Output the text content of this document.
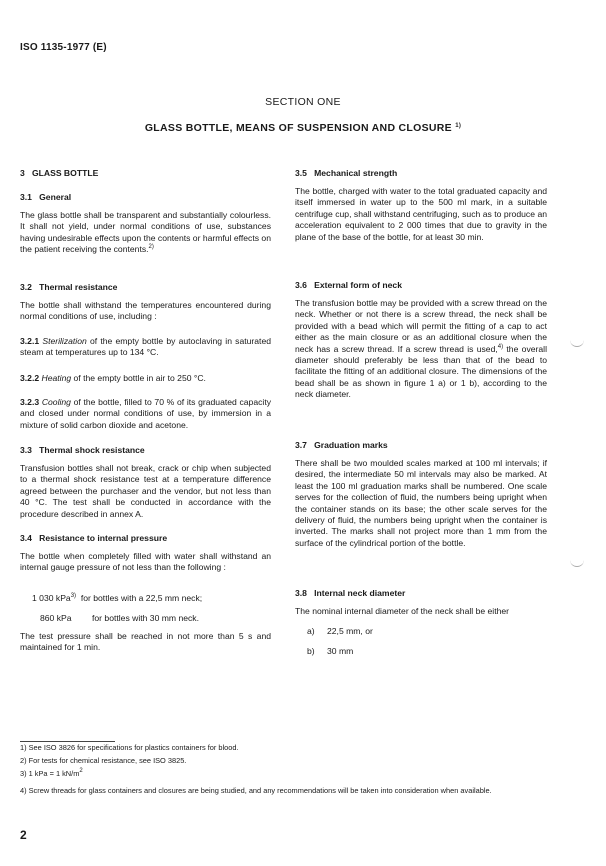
ISO 1135-1977 (E)
SECTION ONE
GLASS BOTTLE, MEANS OF SUSPENSION AND CLOSURE $^{1)}$
3   GLASS BOTTLE
3.1   General

The glass bottle shall be transparent and substantially colourless. It shall not yield, under normal conditions of use, substances having undesirable effects upon the contents or harmful effects on the patient receiving the contents.$^{2)}$

3.2   Thermal resistance

The bottle shall withstand the temperatures encountered during normal conditions of use, including :

3.2.1 Sterilization of the empty bottle by autoclaving in saturated steam at temperatures up to 134 °C.

3.2.2 Heating of the empty bottle in air to 250 °C.

3.2.3 Cooling of the bottle, filled to 70 % of its graduated capacity and closed under normal conditions of use, by immersion in a mixture of solid carbon dioxide and acetone.

3.3   Thermal shock resistance

Transfusion bottles shall not break, crack or chip when subjected to a thermal shock resistance test at a temperature difference agreed between the purchaser and the vendor, but not less than 40 °C. The test shall be conducted in accordance with the procedure described in annex A.

3.4   Resistance to internal pressure

The bottle when completely filled with water shall withstand an internal gauge pressure of not less than the following :

1 030 kPa$^{3)}$ for bottles with a 22,5 mm neck;
860 kPa for bottles with 30 mm neck.

The test pressure shall be reached in not more than 5 s and maintained for 1 min.

3.5   Mechanical strength

The bottle, charged with water to the total graduated capacity and itself immersed in water up to the 500 ml mark, in a suitable centrifuge cup, shall withstand centrifuging, such as to produce an acceleration equivalent to 2 000 times that due to gravity in the plane of the base of the bottle, for at least 30 min.

3.6   External form of neck

The transfusion bottle may be provided with a screw thread on the neck. Whether or not there is a screw thread, the neck shall be provided with a bead which will permit the fitting of a cap to act either as the main closure or as an additional closure when the neck has a screw thread. If a screw thread is used,$^{4)}$ the overall diameter should preferably be less than that of the bead to facilitate the fitting of an additional closure. The dimensions of the bead shall be as shown in figure 1 a) or 1 b), according to the neck diameter.

3.7   Graduation marks

There shall be two moulded scales marked at 100 ml intervals; if desired, the intermediate 50 ml intervals may also be marked. At least the 100 ml graduation marks shall be numbered. One scale serves for the collection of fluid, the numbers being upright when the container stands on its base; the other scale serves for the delivery of fluid, the numbers being upright when the container is inverted. The marks shall not project more than 1 mm from the surface of the cylindrical portion of the bottle.

3.8   Internal neck diameter

The nominal internal diameter of the neck shall be either

a) 22,5 mm, or
b) 30 mm
1) See ISO 3826 for specifications for plastics containers for blood.
2) For tests for chemical resistance, see ISO 3825.
3) 1 kPa = 1 $kN/m^2$
4) Screw threads for glass containers and closures are being studied, and any recommendations will be taken into consideration when available.
2
